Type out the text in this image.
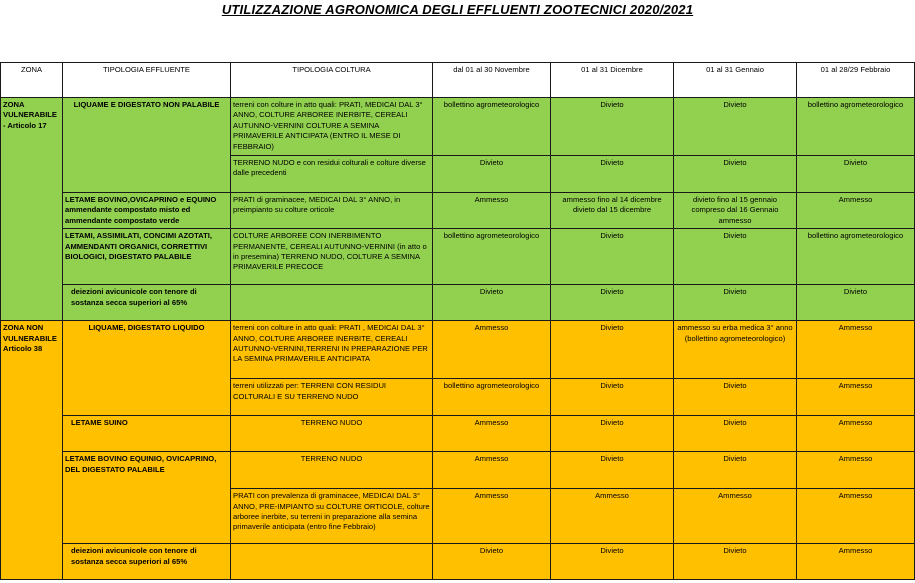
UTILIZZAZIONE AGRONOMICA DEGLI EFFLUENTI ZOOTECNICI 2020/2021
ZONA	TIPOLOGIA EFFLUENTE	TIPOLOGIA COLTURA	dal 01 al 30 Novembre	01 al 31 Dicembre	01 al 31 Gennaio	01 al 28/29 Febbraio
ZONA VULNERABILE - Articolo 17	LIQUAME E DIGESTATO NON PALABILE	terreni con colture in atto quali: PRATI, MEDICAI DAL 3° ANNO, COLTURE ARBOREE INERBITE, CEREALI AUTUNNO-VERNINI COLTURE A SEMINA PRIMAVERILE ANTICIPATA (ENTRO IL MESE DI FEBBRAIO)	bollettino agrometeorologico	Divieto	Divieto	bollettino agrometeorologico
		TERRENO NUDO e con residui colturali e colture diverse dalle precedenti	Divieto	Divieto	Divieto	Divieto
	LETAME BOVINO,OVICAPRINO e EQUINO ammendante compostato misto ed ammendante compostato verde	PRATI di graminacee, MEDICAI DAL 3° ANNO, in preimpianto su colture orticole	Ammesso	ammesso fino al 14 dicembre divieto dal 15 dicembre	divieto fino al 15 gennaio compreso dal 16 Gennaio ammesso	Ammesso
	LETAMI, ASSIMILATI, CONCIMI AZOTATI, AMMENDANTI ORGANICI, CORRETTIVI BIOLOGICI, DIGESTATO PALABILE	COLTURE ARBOREE CON INERBIMENTO PERMANENTE, CEREALI AUTUNNO-VERNINI (in atto o in presemina) TERRENO NUDO, COLTURE A SEMINA PRIMAVERILE PRECOCE	bollettino agrometeorologico	Divieto	Divieto	bollettino agrometeorologico
	deiezioni avicunicole con tenore di sostanza secca superiori al 65%		Divieto	Divieto	Divieto	Divieto
ZONA NON VULNERABILE Articolo 38	LIQUAME, DIGESTATO LIQUIDO	terreni con colture in atto quali: PRATI , MEDICAI DAL 3° ANNO, COLTURE ARBOREE INERBITE, CEREALI AUTUNNO-VERNINI,TERRENI IN PREPARAZIONE PER LA SEMINA PRIMAVERILE ANTICIPATA	Ammesso	Divieto	ammesso su erba medica 3° anno (bollettino agrometeorologico)	Ammesso
		terreni utilizzati per: TERRENI CON RESIDUI COLTURALI E SU TERRENO NUDO	bollettino agrometeorologico	Divieto	Divieto	Ammesso
	LETAME SUINO	TERRENO NUDO	Ammesso	Divieto	Divieto	Ammesso
	LETAME BOVINO EQUINIO, OVICAPRINO, DEL DIGESTATO PALABILE	TERRENO NUDO	Ammesso	Divieto	Divieto	Ammesso
		PRATI con prevalenza di graminacee, MEDICAI DAL 3° ANNO, PRE-IMPIANTO su COLTURE ORTICOLE, colture arboree inerbite, su terreni in preparazione alla semina primaverile anticipata (entro fine Febbraio)	Ammesso	Ammesso	Ammesso	Ammesso
	deiezioni avicunicole con tenore di sostanza secca superiori al 65%		Divieto	Divieto	Divieto	Ammesso
